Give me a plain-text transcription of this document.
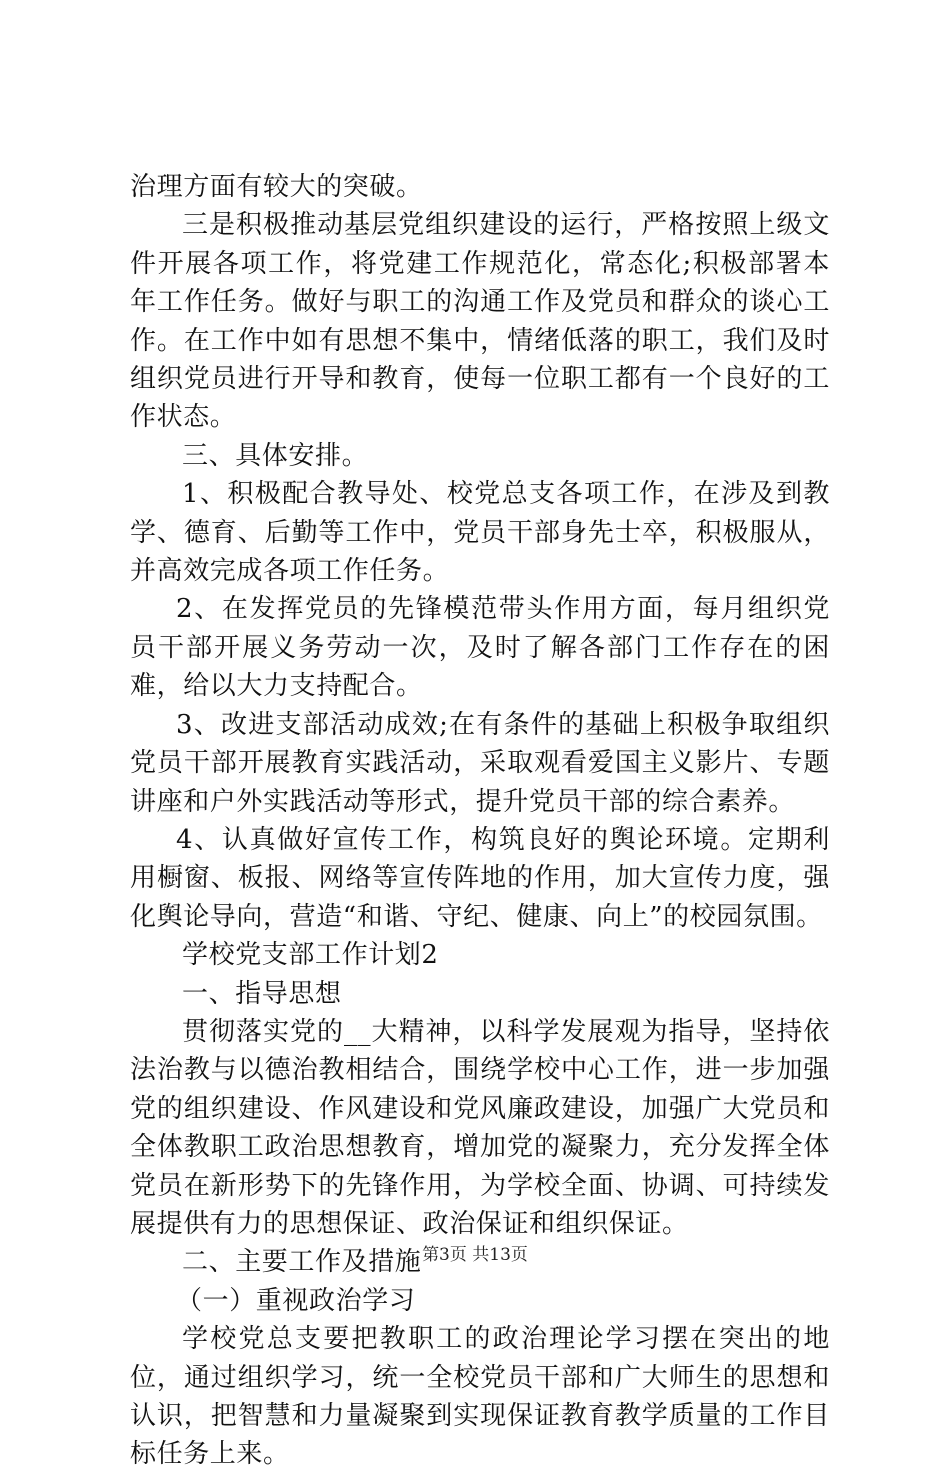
治理方面有较大的突破。

三是积极推动基层党组织建设的运行，严格按照上级文件开展各项工作，将党建工作规范化，常态化;积极部署本年工作任务。做好与职工的沟通工作及党员和群众的谈心工作。在工作中如有思想不集中，情绪低落的职工，我们及时组织党员进行开导和教育，使每一位职工都有一个良好的工作状态。

三、具体安排。

1、积极配合教导处、校党总支各项工作，在涉及到教学、德育、后勤等工作中，党员干部身先士卒，积极服从，并高效完成各项工作任务。

2、在发挥党员的先锋模范带头作用方面，每月组织党员干部开展义务劳动一次，及时了解各部门工作存在的困难，给以大力支持配合。

3、改进支部活动成效;在有条件的基础上积极争取组织党员干部开展教育实践活动，采取观看爱国主义影片、专题讲座和户外实践活动等形式，提升党员干部的综合素养。

4、认真做好宣传工作，构筑良好的舆论环境。定期利用橱窗、板报、网络等宣传阵地的作用，加大宣传力度，强化舆论导向，营造“和谐、守纪、健康、向上”的校园氛围。

学校党支部工作计划2

一、指导思想

贯彻落实党的__大精神，以科学发展观为指导，坚持依法治教与以德治教相结合，围绕学校中心工作，进一步加强党的组织建设、作风建设和党风廉政建设，加强广大党员和全体教职工政治思想教育，增加党的凝聚力，充分发挥全体党员在新形势下的先锋作用，为学校全面、协调、可持续发展提供有力的思想保证、政治保证和组织保证。

二、主要工作及措施

（一）重视政治学习

学校党总支要把教职工的政治理论学习摆在突出的地位，通过组织学习，统一全校党员干部和广大师生的思想和认识，把智慧和力量凝聚到实现保证教育教学质量的工作目标任务上来。

第3页 共13页
